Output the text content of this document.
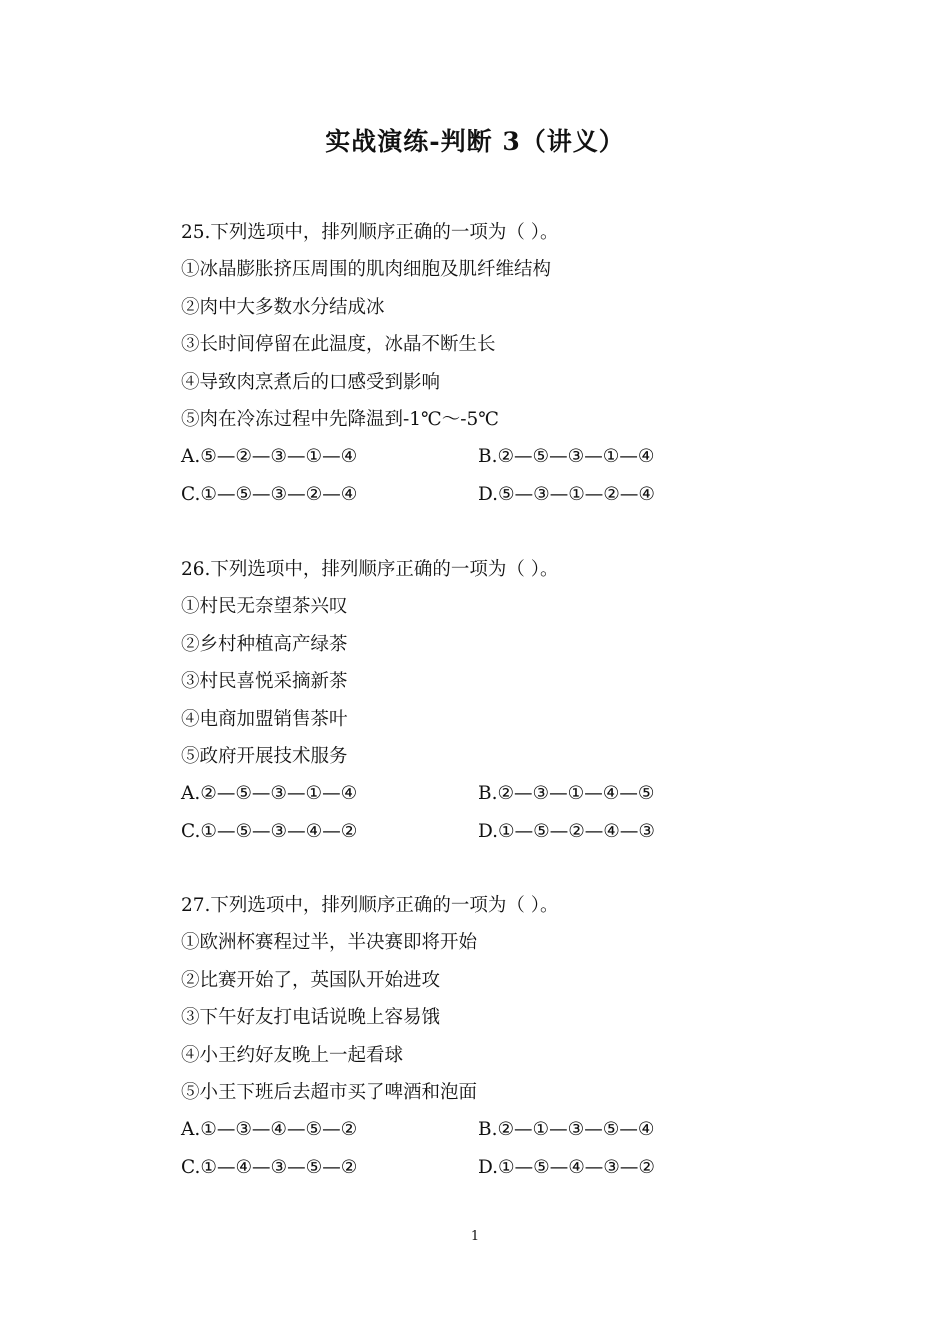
实战演练-判断 3（讲义）
25.下列选项中，排列顺序正确的一项为（ ）。
①冰晶膨胀挤压周围的肌肉细胞及肌纤维结构
②肉中大多数水分结成冰
③长时间停留在此温度，冰晶不断生长
④导致肉烹煮后的口感受到影响
⑤肉在冷冻过程中先降温到-1℃～-5℃
A.⑤—②—③—①—④	B.②—⑤—③—①—④
C.①—⑤—③—②—④	D.⑤—③—①—②—④
26.下列选项中，排列顺序正确的一项为（ ）。
①村民无奈望茶兴叹
②乡村种植高产绿茶
③村民喜悦采摘新茶
④电商加盟销售茶叶
⑤政府开展技术服务
A.②—⑤—③—①—④	B.②—③—①—④—⑤
C.①—⑤—③—④—②	D.①—⑤—②—④—③
27.下列选项中，排列顺序正确的一项为（ ）。
①欧洲杯赛程过半，半决赛即将开始
②比赛开始了，英国队开始进攻
③下午好友打电话说晚上容易饿
④小王约好友晚上一起看球
⑤小王下班后去超市买了啤酒和泡面
A.①—③—④—⑤—②	B.②—①—③—⑤—④
C.①—④—③—⑤—②	D.①—⑤—④—③—②
1
